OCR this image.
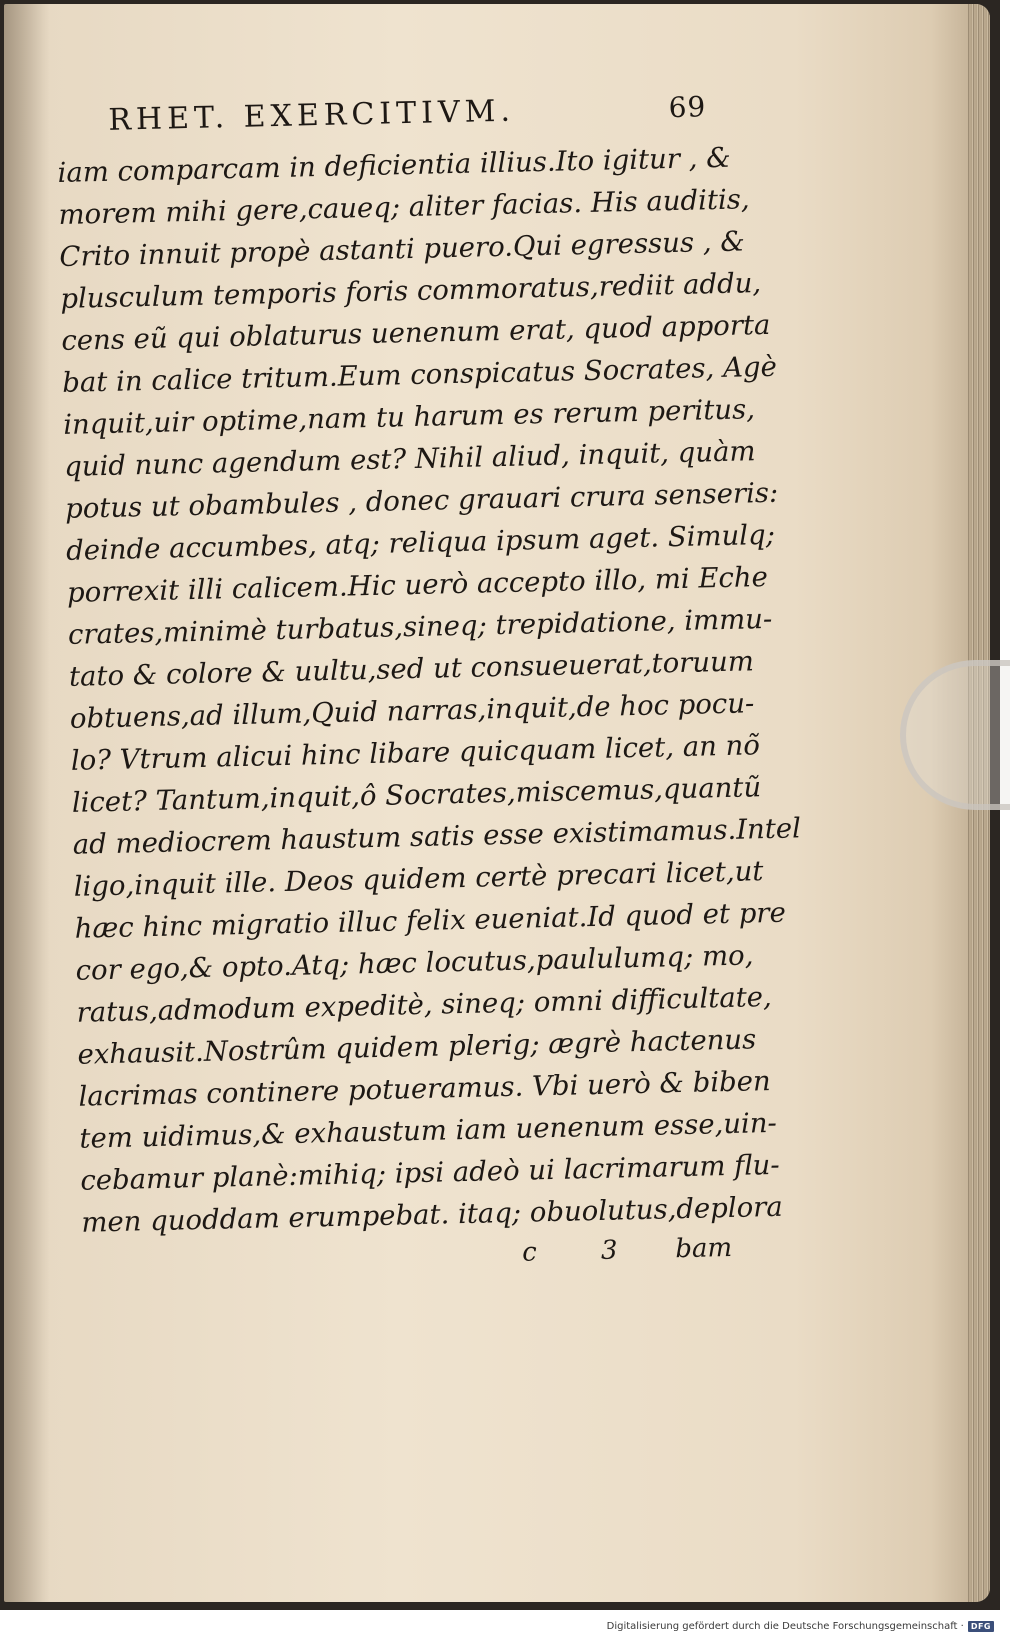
RHET. EXERCITIVM.	69
iam comparcam in deficientia illius.Ito igitur , &
morem mihi gere,caueq; aliter facias. His auditis,
Crito innuit propè astanti puero.Qui egressus , &
plusculum temporis foris commoratus,rediit addu,
cens eũ qui oblaturus uenenum erat, quod apporta
bat in calice tritum.Eum conspicatus Socrates, Agè
inquit,uir optime,nam tu harum es rerum peritus,
quid nunc agendum est? Nihil aliud, inquit, quàm
potus ut obambules , donec grauari crura senseris:
deinde accumbes, atq; reliqua ipsum aget. Simulq;
porrexit illi calicem.Hic uerò accepto illo, mi Eche
crates,minimè turbatus,sineq; trepidatione, immu-
tato & colore & uultu,sed ut consueuerat,toruum
obtuens,ad illum,Quid narras,inquit,de hoc pocu-
lo? Vtrum alicui hinc libare quicquam licet, an nõ
licet? Tantum,inquit,ô Socrates,miscemus,quantũ
ad mediocrem haustum satis esse existimamus.Intel
ligo,inquit ille. Deos quidem certè precari licet,ut
hæc hinc migratio illuc felix eueniat.Id quod et pre
cor ego,& opto.Atq; hæc locutus,paululumq; mo,
ratus,admodum expeditè, sineq; omni difficultate,
exhausit.Nostrûm quidem plerig; ægrè hactenus
lacrimas continere potueramus. Vbi uerò & biben
tem uidimus,& exhaustum iam uenenum esse,uin-
cebamur planè:mihiq; ipsi adeò ui lacrimarum flu-
men quoddam erumpebat. itaq; obuolutus,deplora
c 3 bam
Digitalisierung gefördert durch die Deutsche Forschungsgemeinschaft · DFG
